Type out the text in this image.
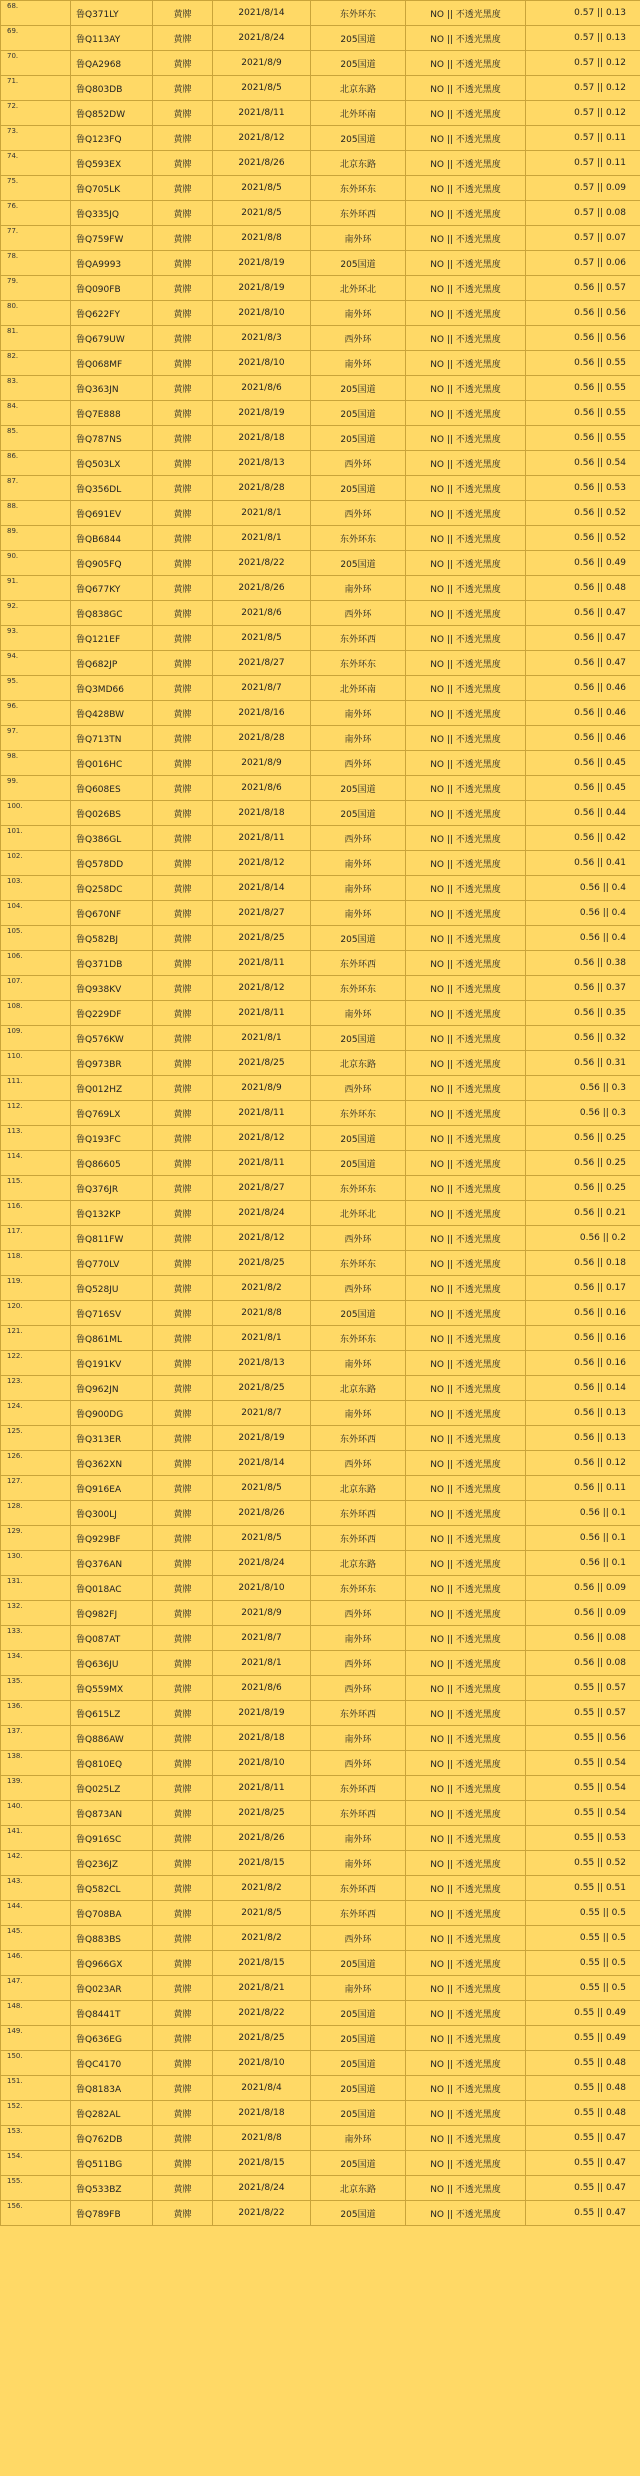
68.	鲁Q371LY	黄牌	2021/8/14	东外环东	NO || 不透光黑度	0.57 || 0.13
69.	鲁Q113AY	黄牌	2021/8/24	205国道	NO || 不透光黑度	0.57 || 0.13
70.	鲁QA2968	黄牌	2021/8/9	205国道	NO || 不透光黑度	0.57 || 0.12
71.	鲁Q803DB	黄牌	2021/8/5	北京东路	NO || 不透光黑度	0.57 || 0.12
72.	鲁Q852DW	黄牌	2021/8/11	北外环南	NO || 不透光黑度	0.57 || 0.12
73.	鲁Q123FQ	黄牌	2021/8/12	205国道	NO || 不透光黑度	0.57 || 0.11
74.	鲁Q593EX	黄牌	2021/8/26	北京东路	NO || 不透光黑度	0.57 || 0.11
75.	鲁Q705LK	黄牌	2021/8/5	东外环东	NO || 不透光黑度	0.57 || 0.09
76.	鲁Q335JQ	黄牌	2021/8/5	东外环西	NO || 不透光黑度	0.57 || 0.08
77.	鲁Q759FW	黄牌	2021/8/8	南外环	NO || 不透光黑度	0.57 || 0.07
78.	鲁QA9993	黄牌	2021/8/19	205国道	NO || 不透光黑度	0.57 || 0.06
79.	鲁Q090FB	黄牌	2021/8/19	北外环北	NO || 不透光黑度	0.56 || 0.57
80.	鲁Q622FY	黄牌	2021/8/10	南外环	NO || 不透光黑度	0.56 || 0.56
81.	鲁Q679UW	黄牌	2021/8/3	西外环	NO || 不透光黑度	0.56 || 0.56
82.	鲁Q068MF	黄牌	2021/8/10	南外环	NO || 不透光黑度	0.56 || 0.55
83.	鲁Q363JN	黄牌	2021/8/6	205国道	NO || 不透光黑度	0.56 || 0.55
84.	鲁Q7E888	黄牌	2021/8/19	205国道	NO || 不透光黑度	0.56 || 0.55
85.	鲁Q787NS	黄牌	2021/8/18	205国道	NO || 不透光黑度	0.56 || 0.55
86.	鲁Q503LX	黄牌	2021/8/13	西外环	NO || 不透光黑度	0.56 || 0.54
87.	鲁Q356DL	黄牌	2021/8/28	205国道	NO || 不透光黑度	0.56 || 0.53
88.	鲁Q691EV	黄牌	2021/8/1	西外环	NO || 不透光黑度	0.56 || 0.52
89.	鲁QB6844	黄牌	2021/8/1	东外环东	NO || 不透光黑度	0.56 || 0.52
90.	鲁Q905FQ	黄牌	2021/8/22	205国道	NO || 不透光黑度	0.56 || 0.49
91.	鲁Q677KY	黄牌	2021/8/26	南外环	NO || 不透光黑度	0.56 || 0.48
92.	鲁Q838GC	黄牌	2021/8/6	西外环	NO || 不透光黑度	0.56 || 0.47
93.	鲁Q121EF	黄牌	2021/8/5	东外环西	NO || 不透光黑度	0.56 || 0.47
94.	鲁Q682JP	黄牌	2021/8/27	东外环东	NO || 不透光黑度	0.56 || 0.47
95.	鲁Q3MD66	黄牌	2021/8/7	北外环南	NO || 不透光黑度	0.56 || 0.46
96.	鲁Q428BW	黄牌	2021/8/16	南外环	NO || 不透光黑度	0.56 || 0.46
97.	鲁Q713TN	黄牌	2021/8/28	南外环	NO || 不透光黑度	0.56 || 0.46
98.	鲁Q016HC	黄牌	2021/8/9	西外环	NO || 不透光黑度	0.56 || 0.45
99.	鲁Q608ES	黄牌	2021/8/6	205国道	NO || 不透光黑度	0.56 || 0.45
100.	鲁Q026BS	黄牌	2021/8/18	205国道	NO || 不透光黑度	0.56 || 0.44
101.	鲁Q386GL	黄牌	2021/8/11	西外环	NO || 不透光黑度	0.56 || 0.42
102.	鲁Q578DD	黄牌	2021/8/12	南外环	NO || 不透光黑度	0.56 || 0.41
103.	鲁Q258DC	黄牌	2021/8/14	南外环	NO || 不透光黑度	0.56 || 0.4
104.	鲁Q670NF	黄牌	2021/8/27	南外环	NO || 不透光黑度	0.56 || 0.4
105.	鲁Q582BJ	黄牌	2021/8/25	205国道	NO || 不透光黑度	0.56 || 0.4
106.	鲁Q371DB	黄牌	2021/8/11	东外环西	NO || 不透光黑度	0.56 || 0.38
107.	鲁Q938KV	黄牌	2021/8/12	东外环东	NO || 不透光黑度	0.56 || 0.37
108.	鲁Q229DF	黄牌	2021/8/11	南外环	NO || 不透光黑度	0.56 || 0.35
109.	鲁Q576KW	黄牌	2021/8/1	205国道	NO || 不透光黑度	0.56 || 0.32
110.	鲁Q973BR	黄牌	2021/8/25	北京东路	NO || 不透光黑度	0.56 || 0.31
111.	鲁Q012HZ	黄牌	2021/8/9	西外环	NO || 不透光黑度	0.56 || 0.3
112.	鲁Q769LX	黄牌	2021/8/11	东外环东	NO || 不透光黑度	0.56 || 0.3
113.	鲁Q193FC	黄牌	2021/8/12	205国道	NO || 不透光黑度	0.56 || 0.25
114.	鲁Q86605	黄牌	2021/8/11	205国道	NO || 不透光黑度	0.56 || 0.25
115.	鲁Q376JR	黄牌	2021/8/27	东外环东	NO || 不透光黑度	0.56 || 0.25
116.	鲁Q132KP	黄牌	2021/8/24	北外环北	NO || 不透光黑度	0.56 || 0.21
117.	鲁Q811FW	黄牌	2021/8/12	西外环	NO || 不透光黑度	0.56 || 0.2
118.	鲁Q770LV	黄牌	2021/8/25	东外环东	NO || 不透光黑度	0.56 || 0.18
119.	鲁Q528JU	黄牌	2021/8/2	西外环	NO || 不透光黑度	0.56 || 0.17
120.	鲁Q716SV	黄牌	2021/8/8	205国道	NO || 不透光黑度	0.56 || 0.16
121.	鲁Q861ML	黄牌	2021/8/1	东外环东	NO || 不透光黑度	0.56 || 0.16
122.	鲁Q191KV	黄牌	2021/8/13	南外环	NO || 不透光黑度	0.56 || 0.16
123.	鲁Q962JN	黄牌	2021/8/25	北京东路	NO || 不透光黑度	0.56 || 0.14
124.	鲁Q900DG	黄牌	2021/8/7	南外环	NO || 不透光黑度	0.56 || 0.13
125.	鲁Q313ER	黄牌	2021/8/19	东外环西	NO || 不透光黑度	0.56 || 0.13
126.	鲁Q362XN	黄牌	2021/8/14	西外环	NO || 不透光黑度	0.56 || 0.12
127.	鲁Q916EA	黄牌	2021/8/5	北京东路	NO || 不透光黑度	0.56 || 0.11
128.	鲁Q300LJ	黄牌	2021/8/26	东外环西	NO || 不透光黑度	0.56 || 0.1
129.	鲁Q929BF	黄牌	2021/8/5	东外环西	NO || 不透光黑度	0.56 || 0.1
130.	鲁Q376AN	黄牌	2021/8/24	北京东路	NO || 不透光黑度	0.56 || 0.1
131.	鲁Q018AC	黄牌	2021/8/10	东外环东	NO || 不透光黑度	0.56 || 0.09
132.	鲁Q982FJ	黄牌	2021/8/9	西外环	NO || 不透光黑度	0.56 || 0.09
133.	鲁Q087AT	黄牌	2021/8/7	南外环	NO || 不透光黑度	0.56 || 0.08
134.	鲁Q636JU	黄牌	2021/8/1	西外环	NO || 不透光黑度	0.56 || 0.08
135.	鲁Q559MX	黄牌	2021/8/6	西外环	NO || 不透光黑度	0.55 || 0.57
136.	鲁Q615LZ	黄牌	2021/8/19	东外环西	NO || 不透光黑度	0.55 || 0.57
137.	鲁Q886AW	黄牌	2021/8/18	南外环	NO || 不透光黑度	0.55 || 0.56
138.	鲁Q810EQ	黄牌	2021/8/10	西外环	NO || 不透光黑度	0.55 || 0.54
139.	鲁Q025LZ	黄牌	2021/8/11	东外环西	NO || 不透光黑度	0.55 || 0.54
140.	鲁Q873AN	黄牌	2021/8/25	东外环西	NO || 不透光黑度	0.55 || 0.54
141.	鲁Q916SC	黄牌	2021/8/26	南外环	NO || 不透光黑度	0.55 || 0.53
142.	鲁Q236JZ	黄牌	2021/8/15	南外环	NO || 不透光黑度	0.55 || 0.52
143.	鲁Q582CL	黄牌	2021/8/2	东外环西	NO || 不透光黑度	0.55 || 0.51
144.	鲁Q708BA	黄牌	2021/8/5	东外环西	NO || 不透光黑度	0.55 || 0.5
145.	鲁Q883BS	黄牌	2021/8/2	西外环	NO || 不透光黑度	0.55 || 0.5
146.	鲁Q966GX	黄牌	2021/8/15	205国道	NO || 不透光黑度	0.55 || 0.5
147.	鲁Q023AR	黄牌	2021/8/21	南外环	NO || 不透光黑度	0.55 || 0.5
148.	鲁Q8441T	黄牌	2021/8/22	205国道	NO || 不透光黑度	0.55 || 0.49
149.	鲁Q636EG	黄牌	2021/8/25	205国道	NO || 不透光黑度	0.55 || 0.49
150.	鲁QC4170	黄牌	2021/8/10	205国道	NO || 不透光黑度	0.55 || 0.48
151.	鲁Q8183A	黄牌	2021/8/4	205国道	NO || 不透光黑度	0.55 || 0.48
152.	鲁Q282AL	黄牌	2021/8/18	205国道	NO || 不透光黑度	0.55 || 0.48
153.	鲁Q762DB	黄牌	2021/8/8	南外环	NO || 不透光黑度	0.55 || 0.47
154.	鲁Q511BG	黄牌	2021/8/15	205国道	NO || 不透光黑度	0.55 || 0.47
155.	鲁Q533BZ	黄牌	2021/8/24	北京东路	NO || 不透光黑度	0.55 || 0.47
156.	鲁Q789FB	黄牌	2021/8/22	205国道	NO || 不透光黑度	0.55 || 0.47
